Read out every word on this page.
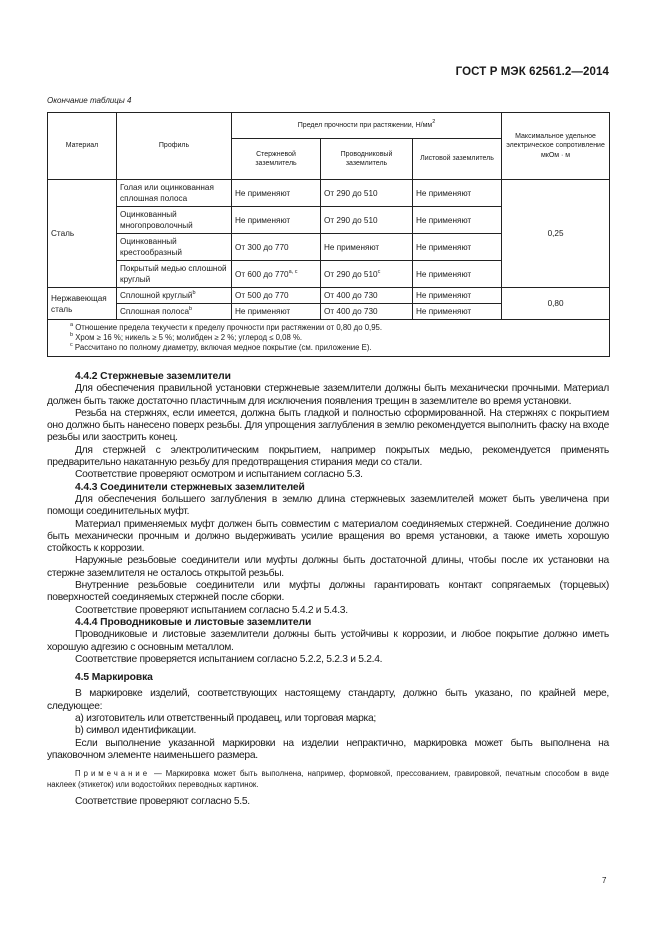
ГОСТ Р МЭК 62561.2—2014
Окончание таблицы 4
Материал	Профиль	Предел прочности при растяжении, $Н/мм^2$			Максимальное удельное электрическое сопротивление мкОм · м
		Стержневой заземлитель	Проводниковый заземлитель	Листовой заземлитель	
Сталь	Голая или оцинкованная сплошная полоса	Не применяют	От 290 до 510	Не применяют	0,25
	Оцинкованный многопроволочный	Не применяют	От 290 до 510	Не применяют	
	Оцинкованный крестообразный	От 300 до 770	Не применяют	Не применяют	
	Покрытый медью сплошной круглый	От 600 до 770$^{a, c}$	От 290 до 510$^c$	Не применяют	
Нержавеющая сталь	Сплошной круглый$^b$	От 500 до 770	От 400 до 730	Не применяют	0,80
	Сплошная полоса$^b$	Не применяют	От 400 до 730	Не применяют	

$^a$ Отношение предела текучести к пределу прочности при растяжении от 0,80 до 0,95.
$^b$ Хром ≥ 16 %; никель ≥ 5 %; молибден ≥ 2 %; углерод ≤ 0,08 %.
$^c$ Рассчитано по полному диаметру, включая медное покрытие (см. приложение Е).					
4.4.2 Стержневые заземлители

Для обеспечения правильной установки стержневые заземлители должны быть механически прочными. Материал должен быть также достаточно пластичным для исключения появления трещин в заземлителе во время установки.

Резьба на стержнях, если имеется, должна быть гладкой и полностью сформированной. На стержнях с покрытием оно должно быть нанесено поверх резьбы. Для упрощения заглубления в землю рекомендуется выполнить фаску на входе резьбы или заострить конец.

Для стержней с электролитическим покрытием, например покрытых медью, рекомендуется применять предварительно накатанную резьбу для предотвращения стирания меди со стали.

Соответствие проверяют осмотром и испытанием согласно 5.3.

4.4.3 Соединители стержневых заземлителей

Для обеспечения большего заглубления в землю длина стержневых заземлителей может быть увеличена при помощи соединительных муфт.

Материал применяемых муфт должен быть совместим с материалом соединяемых стержней. Соединение должно быть механически прочным и должно выдерживать усилие вращения во время установки, а также иметь хорошую стойкость к коррозии.

Наружные резьбовые соединители или муфты должны быть достаточной длины, чтобы после их установки на стержне заземлителя не осталось открытой резьбы.

Внутренние резьбовые соединители или муфты должны гарантировать контакт сопрягаемых (торцевых) поверхностей соединяемых стержней после сборки.

Соответствие проверяют испытанием согласно 5.4.2 и 5.4.3.

4.4.4 Проводниковые и листовые заземлители

Проводниковые и листовые заземлители должны быть устойчивы к коррозии, и любое покрытие должно иметь хорошую адгезию с основным металлом.

Соответствие проверяется испытанием согласно 5.2.2, 5.2.3 и 5.2.4.

4.5 Маркировка

В маркировке изделий, соответствующих настоящему стандарту, должно быть указано, по крайней мере, следующее:

а) изготовитель или ответственный продавец, или торговая марка;

b) символ идентификации.

Если выполнение указанной маркировки на изделии непрактично, маркировка может быть выполнена на упаковочном элементе наименьшего размера.

Примечание — Маркировка может быть выполнена, например, формовкой, прессованием, гравировкой, печатным способом в виде наклеек (этикеток) или водостойких переводных картинок.

Соответствие проверяют согласно 5.5.

7
